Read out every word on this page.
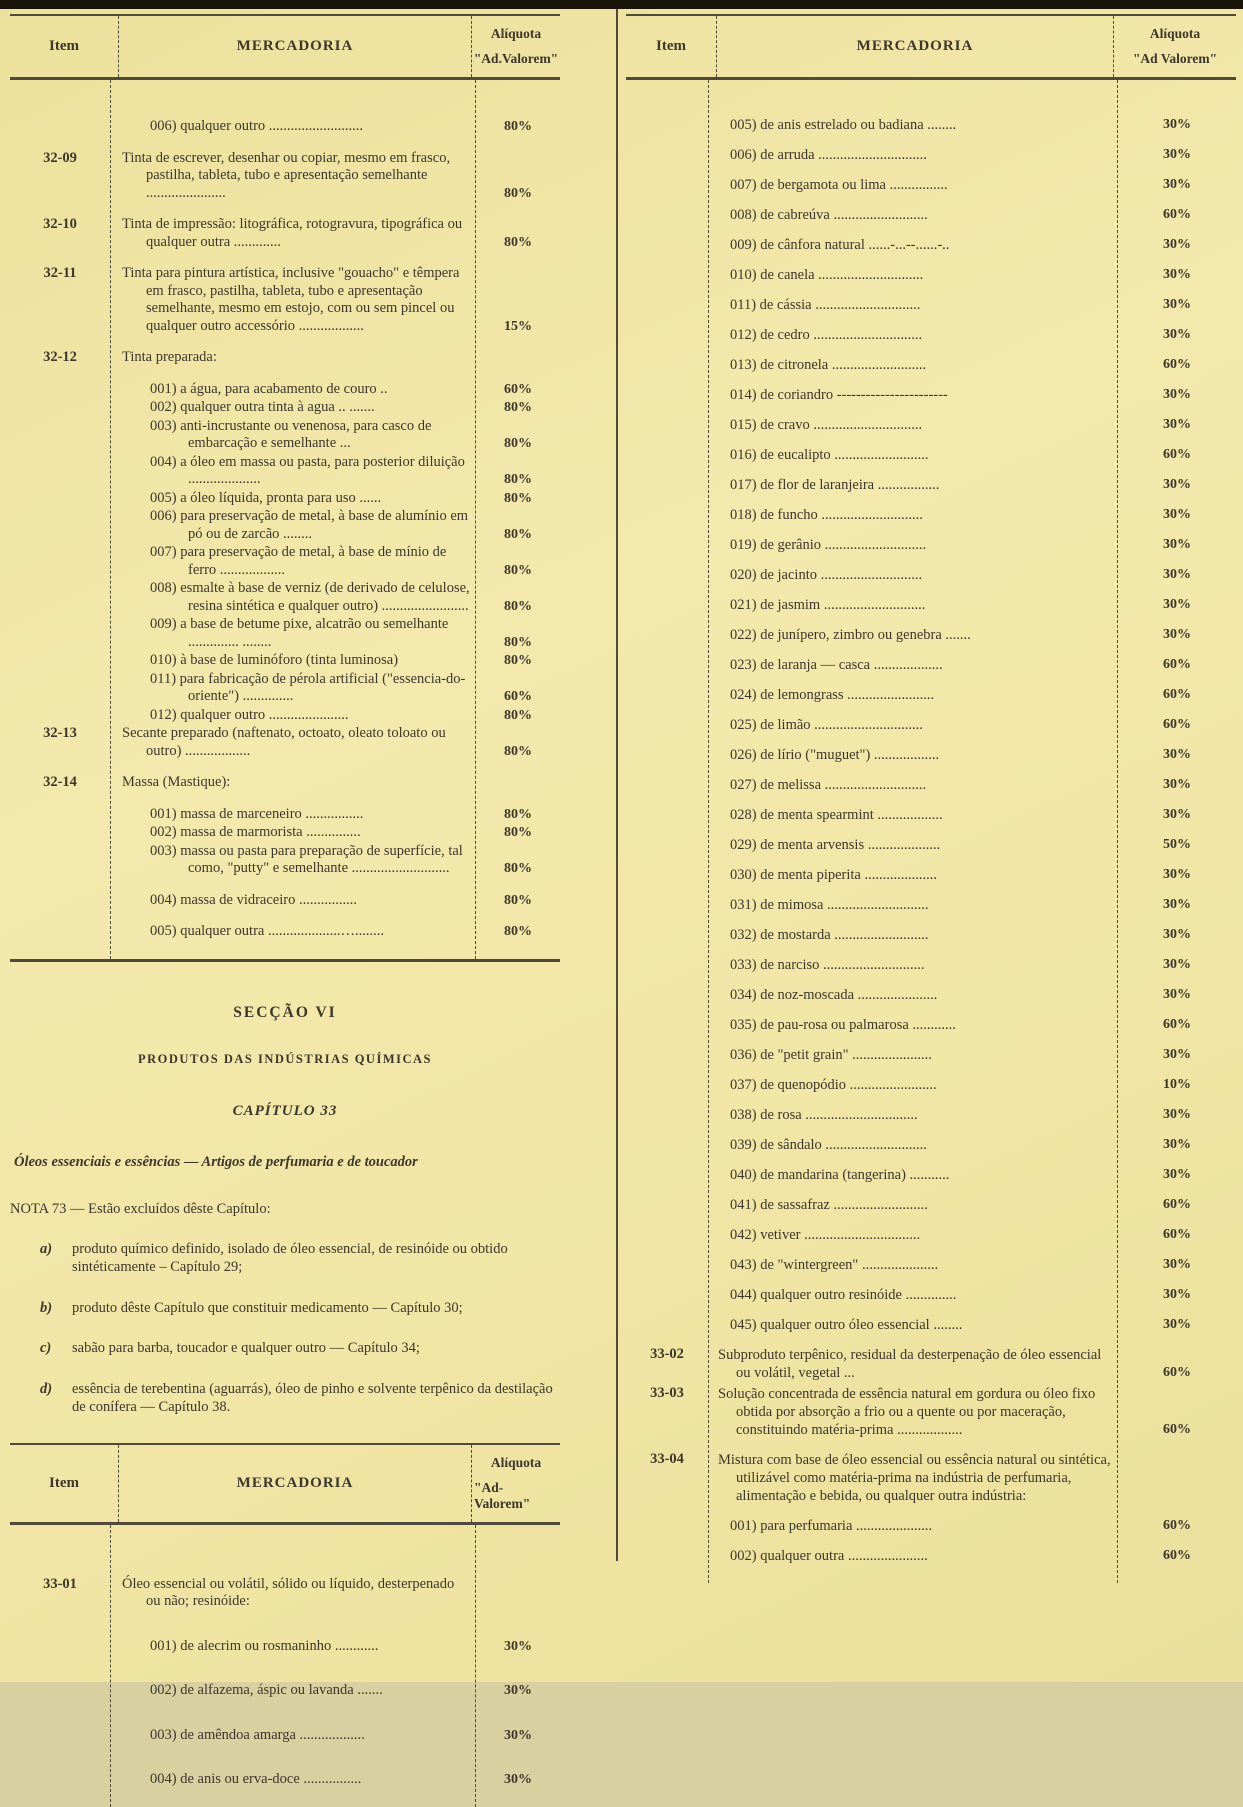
Item	MERCADORIA
Alíquota
"Ad.Valorem"
006) qualquer outro ..........................	80%
32-09	Tinta de escrever, desenhar ou copiar, mesmo em frasco, pastilha, tableta, tubo e apresentação semelhante ......................	80%
32-10	Tinta de impressão: litográfica, rotogravura, tipográfica ou qualquer outra .............	80%
32-11	Tinta para pintura artística, inclusive "gouacho" e têmpera em frasco, pastilha, tableta, tubo e apresentação semelhante, mesmo em estojo, com ou sem pincel ou qualquer outro accessório ..................	15%
32-12	Tinta preparada:
001) a água, para acabamento de couro ..	60%
002) qualquer outra tinta à agua .. .......	80%
003) anti-incrustante ou venenosa, para casco de embarcação e semelhante ...	80%
004) a óleo em massa ou pasta, para posterior diluição ....................	80%
005) a óleo líquida, pronta para uso ......	80%
006) para preservação de metal, à base de alumínio em pó ou de zarcão ........	80%
007) para preservação de metal, à base de mínio de ferro ..................	80%
008) esmalte à base de verniz (de derivado de celulose, resina sintética e qualquer outro) ........................	80%
009) a base de betume pixe, alcatrão ou semelhante .............. ........	80%
010) à base de luminóforo (tinta luminosa)	80%
011) para fabricação de pérola artificial ("essencia-do-oriente") ..............	60%
012) qualquer outro ......................	80%
32-13	Secante preparado (naftenato, octoato, oleato toloato ou outro) ..................	80%
32-14	Massa (Mastique):
001) massa de marceneiro ................	80%
002) massa de marmorista ...............	80%
003) massa ou pasta para preparação de superfície, tal como, "putty" e semelhante ...........................	80%
004) massa de vidraceiro ................	80%
005) qualquer outra ....................…........	80%
SECÇÃO VI
PRODUTOS DAS INDÚSTRIAS QUÍMICAS
CAPÍTULO 33
Óleos essenciais e essências — Artigos de perfumaria e de toucador
NOTA 73 — Estão excluídos dêste Capítulo:
a)	produto químico definido, isolado de óleo essencial, de resinóide ou obtido sintéticamente – Capítulo 29;
b)	produto dêste Capítulo que constituir medicamento — Capítulo 30;
c)	sabão para barba, toucador e qualquer outro — Capítulo 34;
d)	essência de terebentina (aguarrás), óleo de pinho e solvente terpênico da destilação de conífera — Capítulo 38.
Item	MERCADORIA
Alíquota
"Ad-Valorem"
33-01	Óleo essencial ou volátil, sólido ou líquido, desterpenado ou não; resinóide:
001) de alecrim ou rosmaninho ............	30%
002) de alfazema, áspic ou lavanda .......	30%
003) de amêndoa amarga ..................	30%
004) de anis ou erva-doce ................	30%
Item	MERCADORIA
Alíquota
"Ad Valorem"
005) de anis estrelado ou badiana ........	30%
006) de arruda ..............................	30%
007) de bergamota ou lima ................	30%
008) de cabreúva ..........................	60%
009) de cânfora natural ......-...--......-..	30%
010) de canela .............................	30%
011) de cássia .............................	30%
012) de cedro ..............................	30%
013) de citronela ..........................	60%
014) de coriandro -----------------------	30%
015) de cravo ..............................	30%
016) de eucalipto ..........................	60%
017) de flor de laranjeira .................	30%
018) de funcho ............................	30%
019) de gerânio ............................	30%
020) de jacinto ............................	30%
021) de jasmim ............................	30%
022) de junípero, zimbro ou genebra .......	30%
023) de laranja — casca ...................	60%
024) de lemongrass ........................	60%
025) de limão ..............................	60%
026) de lírio ("muguet") ..................	30%
027) de melissa ............................	30%
028) de menta spearmint ..................	30%
029) de menta arvensis ....................	50%
030) de menta piperita ....................	30%
031) de mimosa ............................	30%
032) de mostarda ..........................	30%
033) de narciso ............................	30%
034) de noz-moscada ......................	30%
035) de pau-rosa ou palmarosa ............	60%
036) de "petit grain" ......................	30%
037) de quenopódio ........................	10%
038) de rosa ...............................	30%
039) de sândalo ............................	30%
040) de mandarina (tangerina) ...........	30%
041) de sassafraz ..........................	60%
042) vetiver ................................	60%
043) de "wintergreen" .....................	30%
044) qualquer outro resinóide ..............	30%
045) qualquer outro óleo essencial ........	30%
33-02	Subproduto terpênico, residual da desterpenação de óleo essencial ou volátil, vegetal ...	60%
33-03	Solução concentrada de essência natural em gordura ou óleo fixo obtida por absorção a frio ou a quente ou por maceração, constituindo matéria-prima ..................	60%
33-04	Mistura com base de óleo essencial ou essência natural ou sintética, utilizável como matéria-prima na indústria de perfumaria, alimentação e bebida, ou qualquer outra indústria:
001) para perfumaria .....................	60%
002) qualquer outra ......................	60%
